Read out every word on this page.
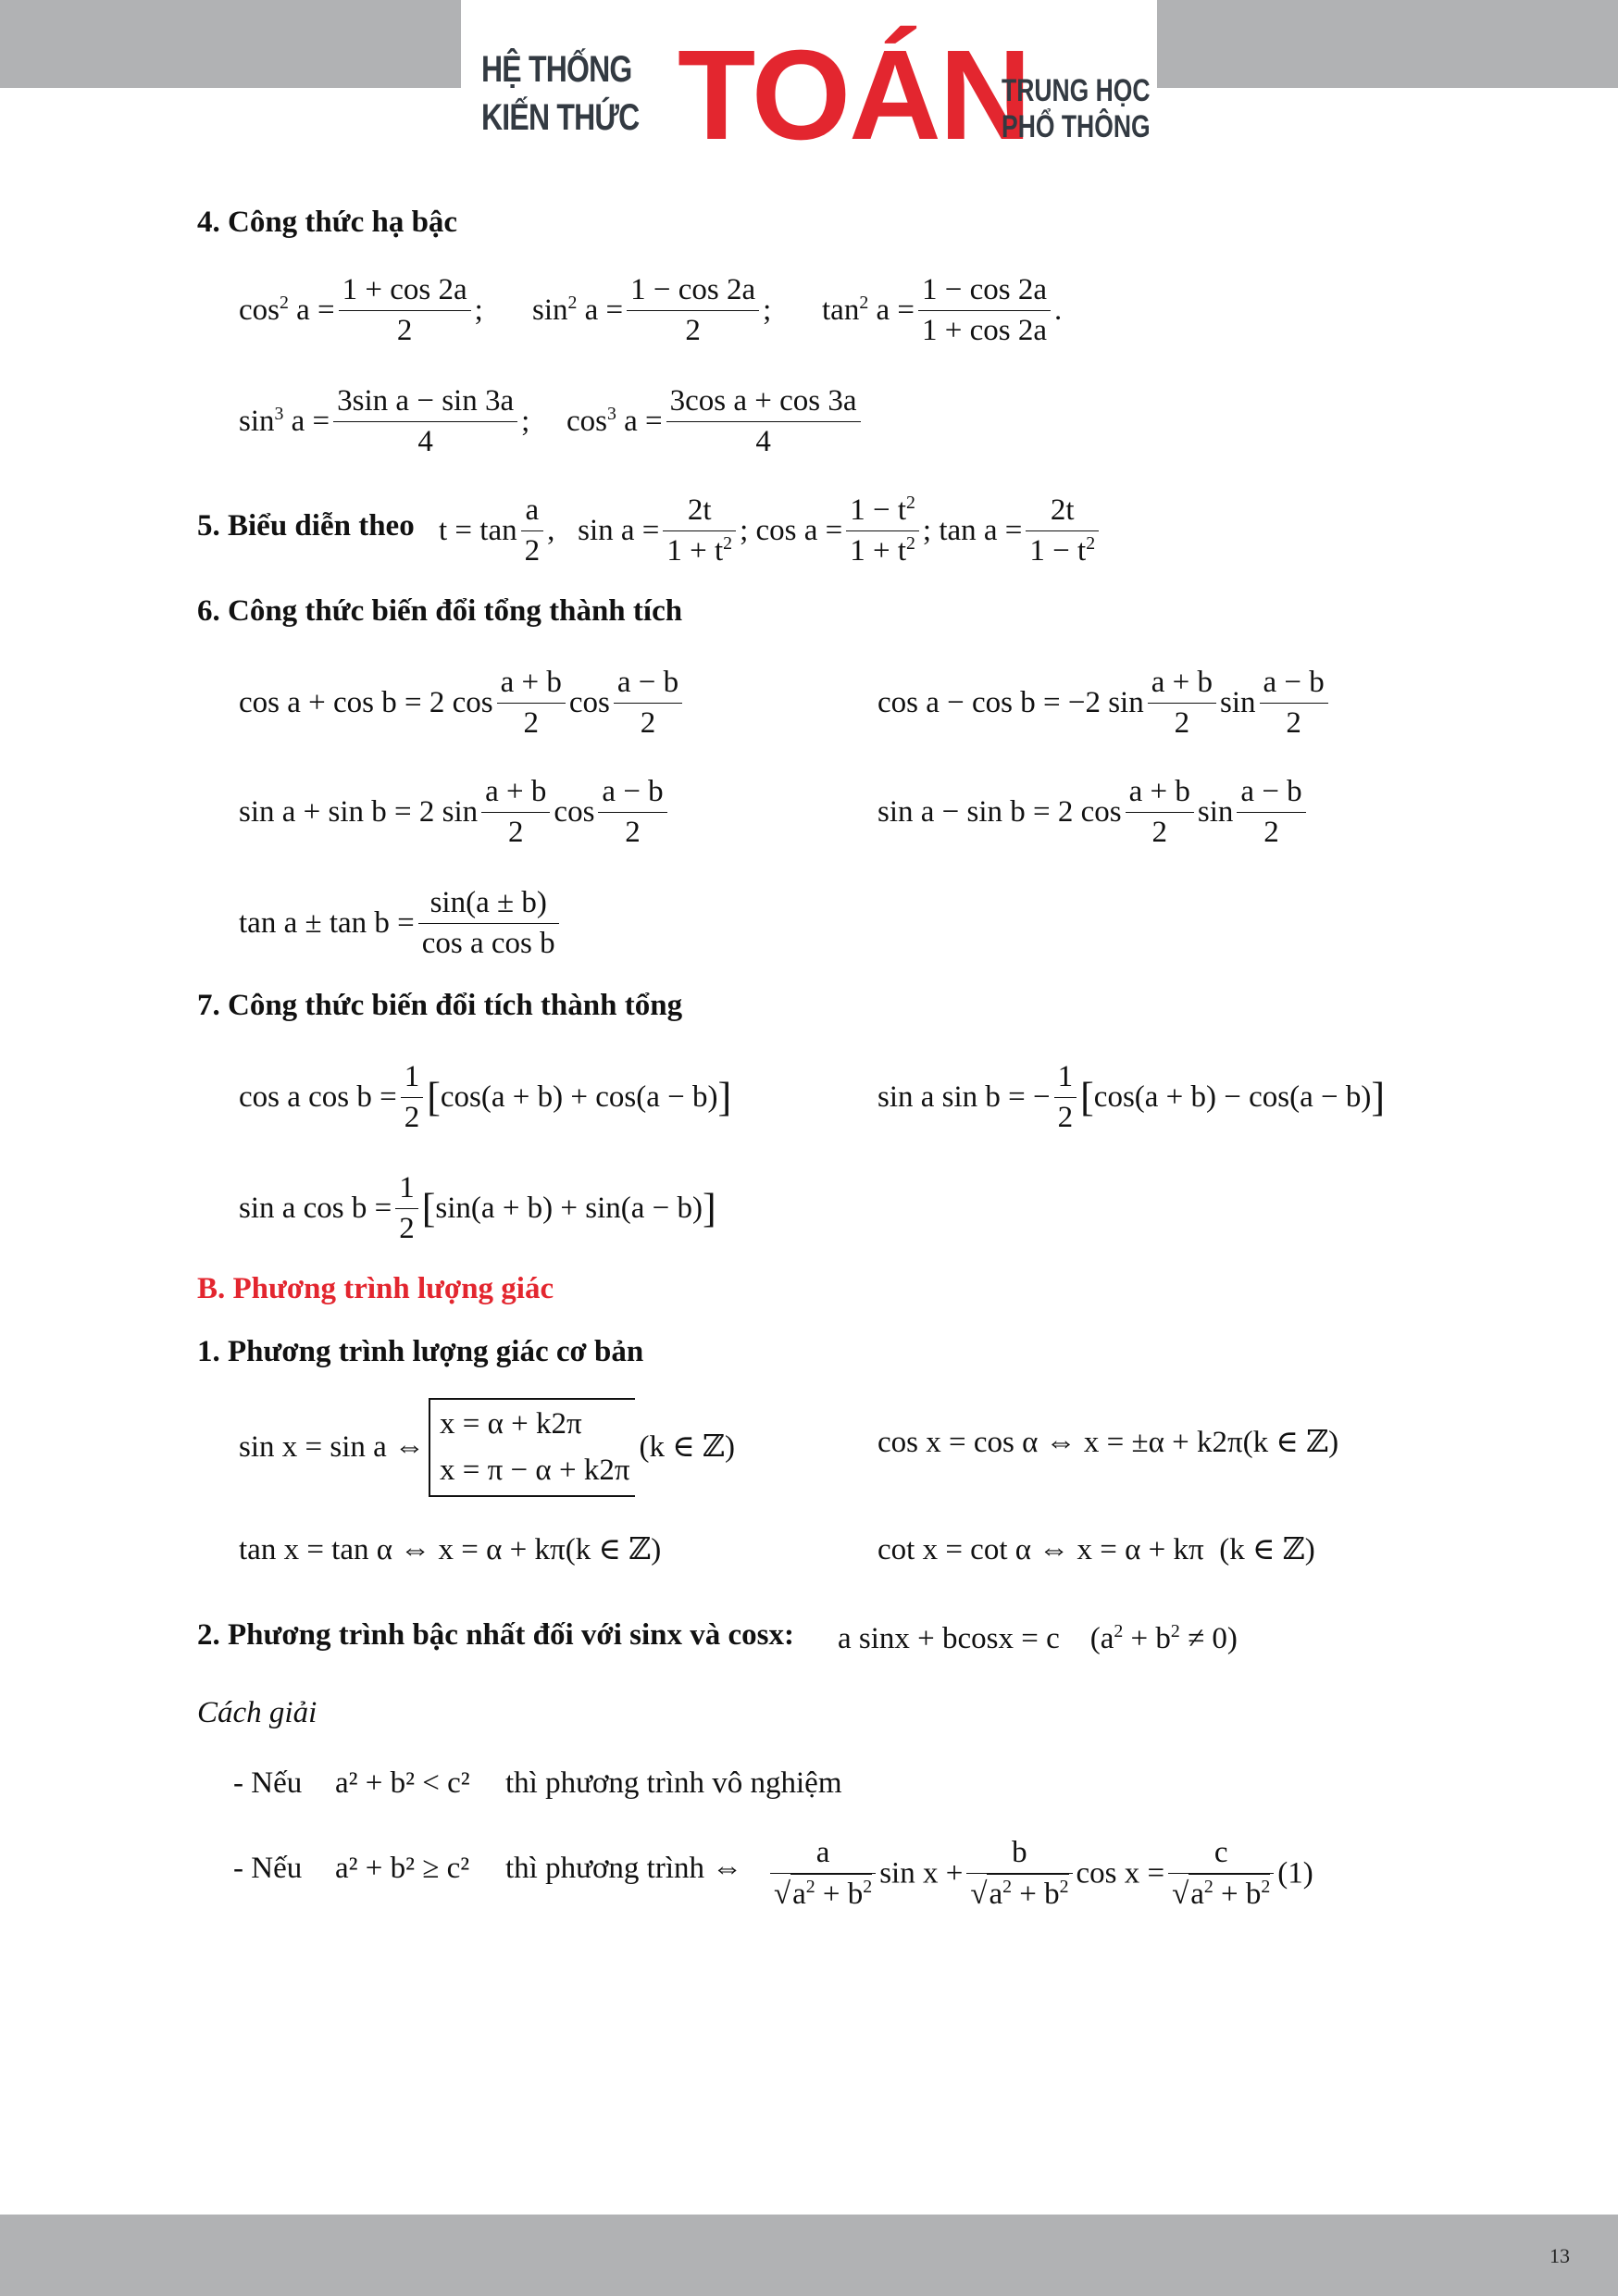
HỆ THỐNG
KIẾN THỨC TOÁN
TRUNG HỌC
PHỔ THÔNG
4. Công thức hạ bậc
$\cos^2 a = \frac{1 + \cos 2a}{2}$ ; $\sin^2 a = \frac{1 - \cos 2a}{2}$ ; $\tan^2 a = \frac{1 - \cos 2a}{1 + \cos 2a}$ .
$\sin^3 a = \frac{\text{3sin a − sin 3a}}{4}$ ; $\cos^3 a = \frac{\text{3cos a + cos 3a}}{4}$
5. Biểu diễn theo $t = \tan \frac{a}{2}$ ,   $\sin a = \frac{2t}{1 + t^2}$ ; $\cos a = \frac{1 - t^2}{1 + t^2}$ ; $\tan a = \frac{2t}{1 - t^2}$
6. Công thức biến đổi tổng thành tích
cos a + cos b = 2 $\cos \frac{a + b}{2}$ $\cos \frac{a - b}{2}$	cos a − cos b = −2 $\sin \frac{a + b}{2}$ $\sin \frac{a - b}{2}$
sin a + sin b = 2 $\sin \frac{a + b}{2}$ $\cos \frac{a - b}{2}$	sin a − sin b = 2 $\cos \frac{a + b}{2}$ $\sin \frac{a - b}{2}$
$\tan a \pm \tan b = \frac{\sin(a \pm b)}{\text{cos a cos b}}$
7. Công thức biến đổi tích thành tổng
cos a $\cos b = \frac{1}{2} [\cos(a + b) + \cos(a - b)]$	sin a sin b = − $\frac{1}{2} [\cos(a + b) - \cos(a - b)]$
sin a $\cos b = \frac{1}{2} [\sin(a + b) + \sin(a - b)]$
B. Phương trình lượng giác
1. Phương trình lượng giác cơ bản
sin x = sin a ⇔x = α + k2π
x = π − α + k2π(k ∈ ℤ)	cos x = cos α ⇔ x = ±α + k2π(k ∈ ℤ)
tan x = tan α ⇔ x = α + kπ(k ∈ ℤ)	cot x = cot α ⇔ x = α + kπ  (k ∈ ℤ)
2. Phương trình bậc nhất đối với sinx và cosx: a sinx + bcosx = c    $(a^2 + b^2 \ne 0)$
Cách giải
- Nếu a² + b² < c² thì phương trình vô nghiệm
- Nếu a² + b² ≥ c² thì phương trình ⇔ $\frac{a}{√a^2 + b^2}$ $\sin x + \frac{b}{√a^2 + b^2}$ $\cos x = \frac{c}{√a^2 + b^2} (1)$
13
